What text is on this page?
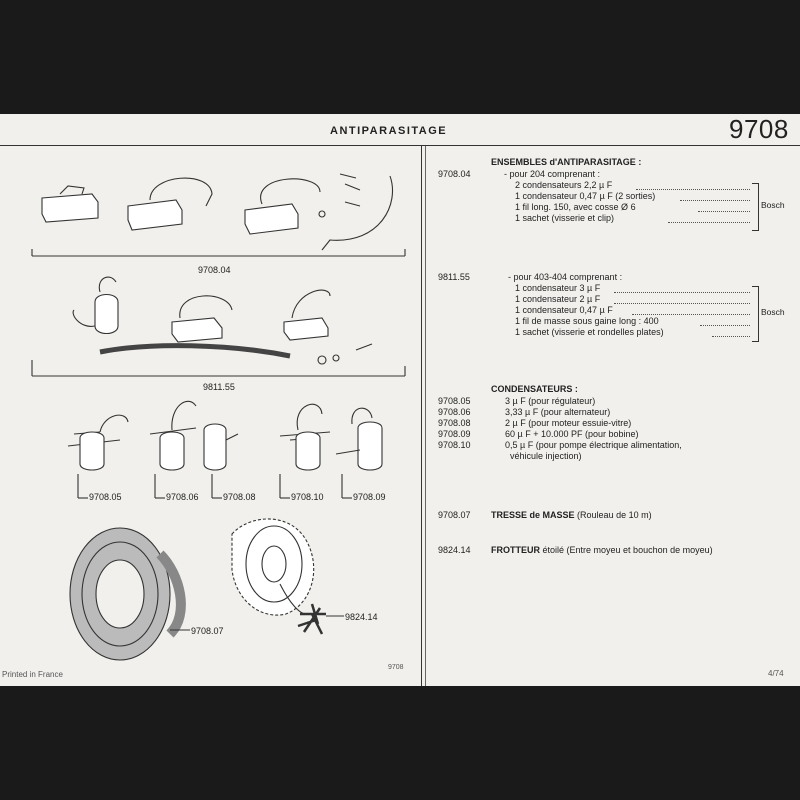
9708
ANTIPARASITAGE
9708.04
9811.55
9708.05	9708.06	9708.08	9708.10	9708.09
9708.07
9824.14
ENSEMBLES d'ANTIPARASITAGE :
9708.04	- pour 204 comprenant :
2 condensateurs 2,2 µ F
1 condensateur 0,47 µ F (2 sorties)
1 fil long. 150, avec cosse Ø 6
1 sachet (visserie et clip)
Bosch
9811.55	- pour 403-404 comprenant :
1 condensateur 3 µ F
1 condensateur 2 µ F
1 condensateur 0,47 µ F
1 fil de masse sous gaine long : 400
1 sachet (visserie et rondelles plates)
Bosch
CONDENSATEURS :
9708.05	3 µ F (pour régulateur)
9708.06	3,33 µ F (pour alternateur)
9708.08	2 µ F (pour moteur essuie-vitre)
9708.09	60 µ F + 10.000 PF (pour bobine)
9708.10	0,5 µ F (pour pompe électrique alimentation,
véhicule injection)
9708.07 TRESSE de MASSE (Rouleau de 10 m)
9824.14 FROTTEUR étoilé (Entre moyeu et bouchon de moyeu)
Printed in France
9708
4/74
